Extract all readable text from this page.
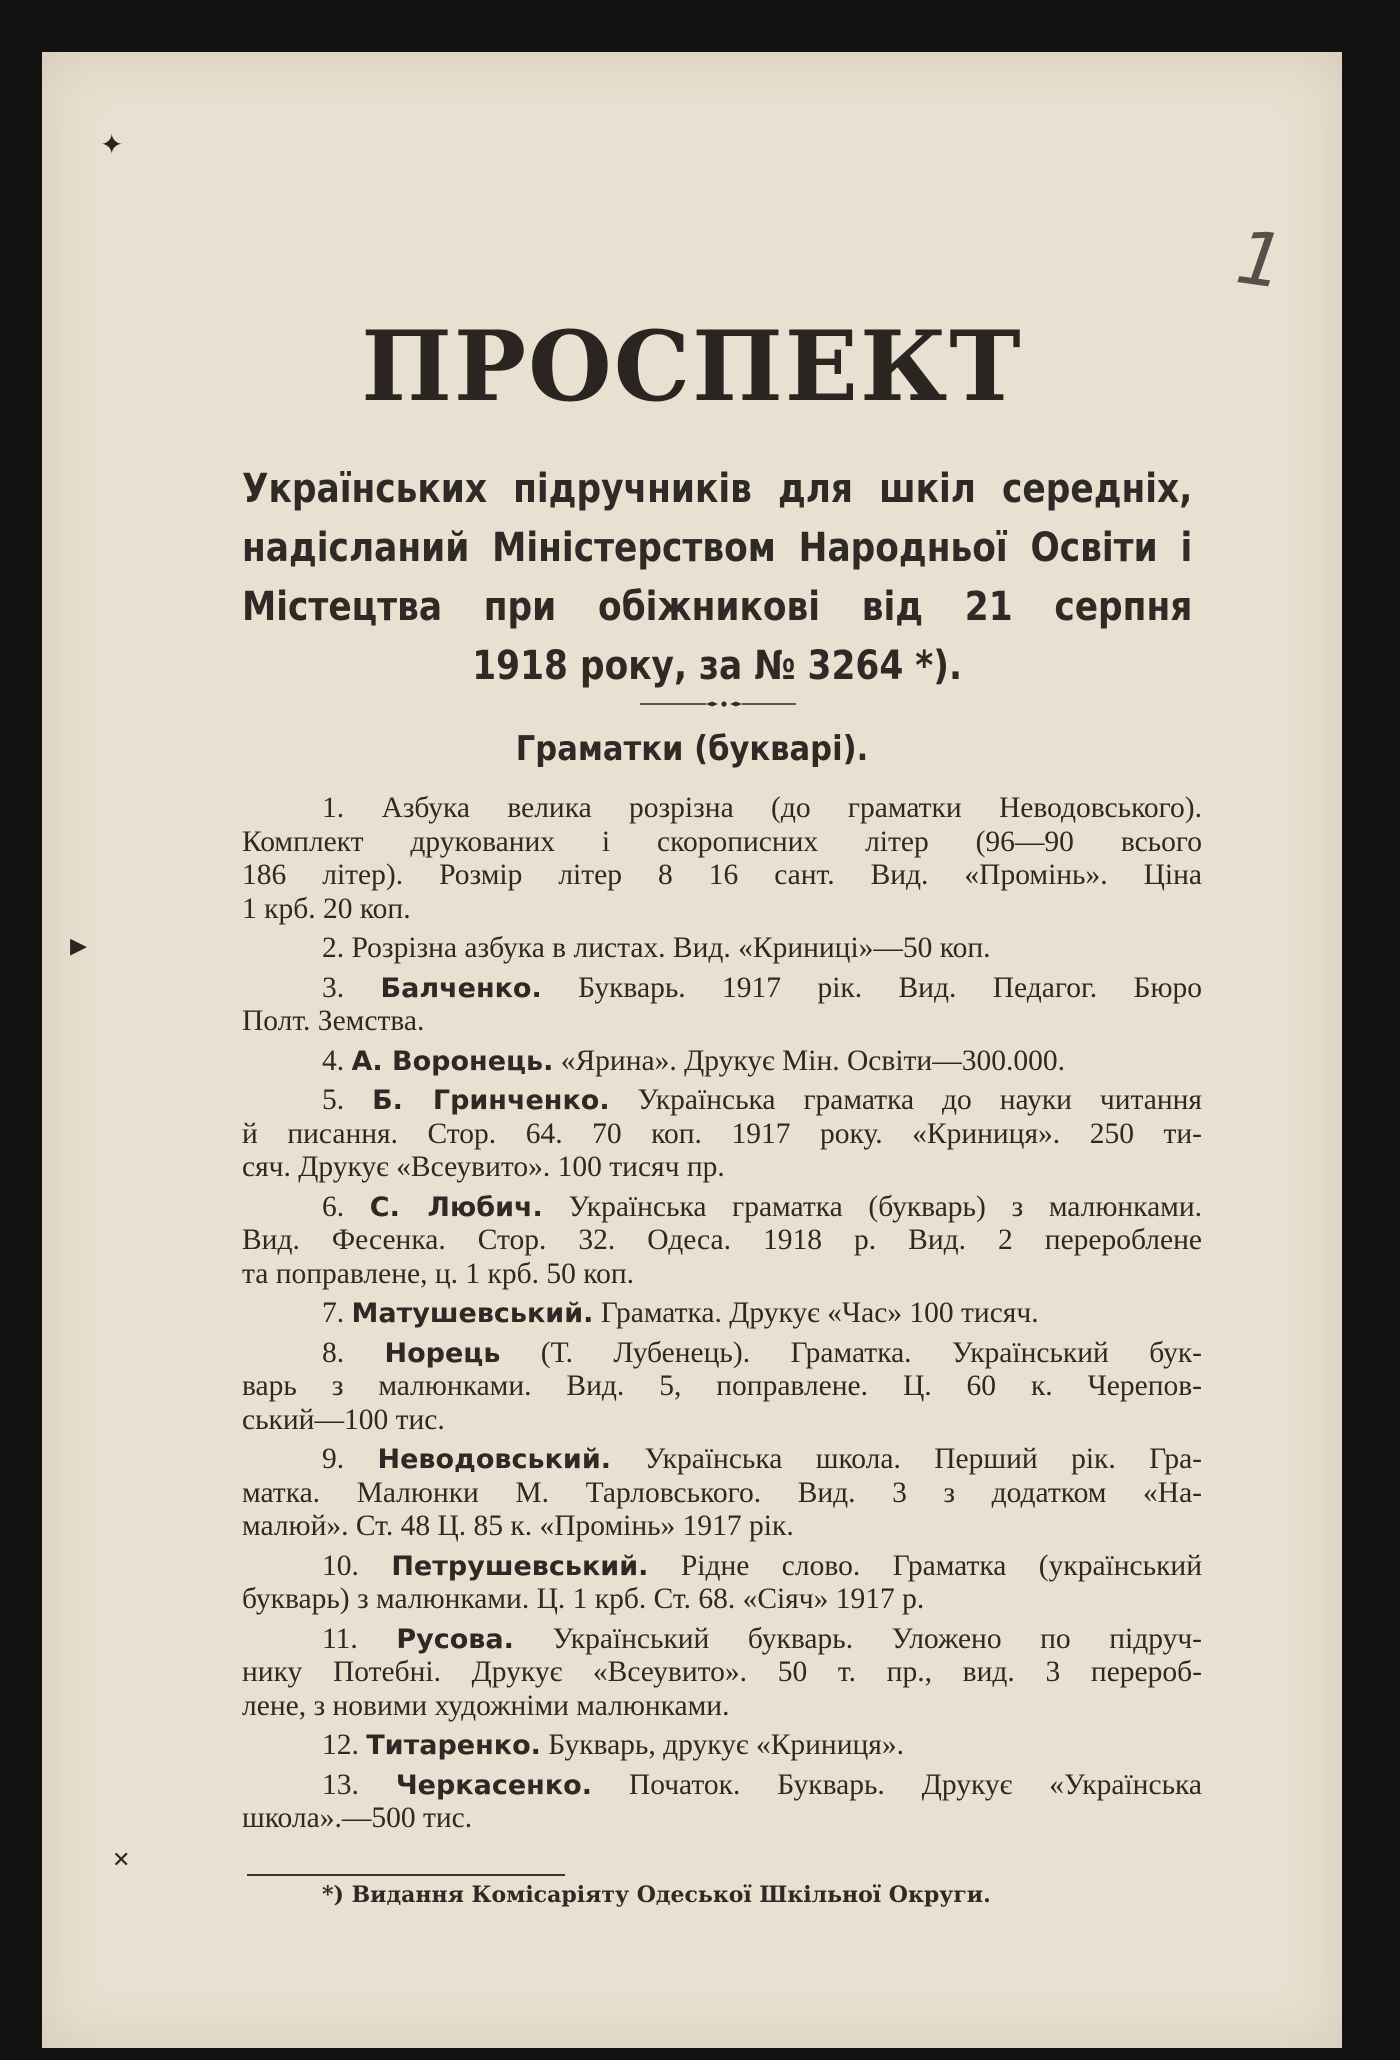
1
ПРОСПЕКТ
Українських підручників для шкіл середніх,
надісланий Міністерством Народньої Освіти і
Містецтва при обіжникові від 21 серпня
1918 року, за № 3264 *).
Граматки (букварі).
1. Азбука велика розрізна (до граматки Неводовського).
Комплект друкованих і скорописних літер (96—90 всього
186 літер). Розмір літер 8 16 сант. Вид. «Промінь». Ціна
1 крб. 20 коп.
2. Розрізна азбука в листах. Вид. «Криниці»—50 коп.
3. Балченко. Букварь. 1917 рік. Вид. Педагог. Бюро
Полт. Земства.
4. А. Воронець. «Ярина». Друкує Мін. Освіти—300.000.
5. Б. Гринченко. Українська граматка до науки читання
й писання. Стор. 64. 70 коп. 1917 року. «Криниця». 250 ти-
сяч. Друкує «Всеувито». 100 тисяч пр.
6. С. Любич. Українська граматка (букварь) з малюнками.
Вид. Фесенка. Стор. 32. Одеса. 1918 р. Вид. 2 перероблене
та поправлене, ц. 1 крб. 50 коп.
7. Матушевський. Граматка. Друкує «Час» 100 тисяч.
8. Норець (Т. Лубенець). Граматка. Український бук-
варь з малюнками. Вид. 5, поправлене. Ц. 60 к. Черепов-
ський—100 тис.
9. Неводовський. Українська школа. Перший рік. Гра-
матка. Малюнки М. Тарловського. Вид. 3 з додатком «На-
малюй». Ст. 48 Ц. 85 к. «Промінь» 1917 рік.
10. Петрушевський. Рідне слово. Граматка (український
букварь) з малюнками. Ц. 1 крб. Ст. 68. «Сіяч» 1917 р.
11. Русова. Український букварь. Уложено по підруч-
нику Потебні. Друкує «Всеувито». 50 т. пр., вид. 3 перероб-
лене, з новими художніми малюнками.
12. Титаренко. Букварь, друкує «Криниця».
13. Черкасенко. Початок. Букварь. Друкує «Українська
школа».—500 тис.
*) Видання Комісаріяту Одеської Шкільної Округи.
✦
▸
✕
